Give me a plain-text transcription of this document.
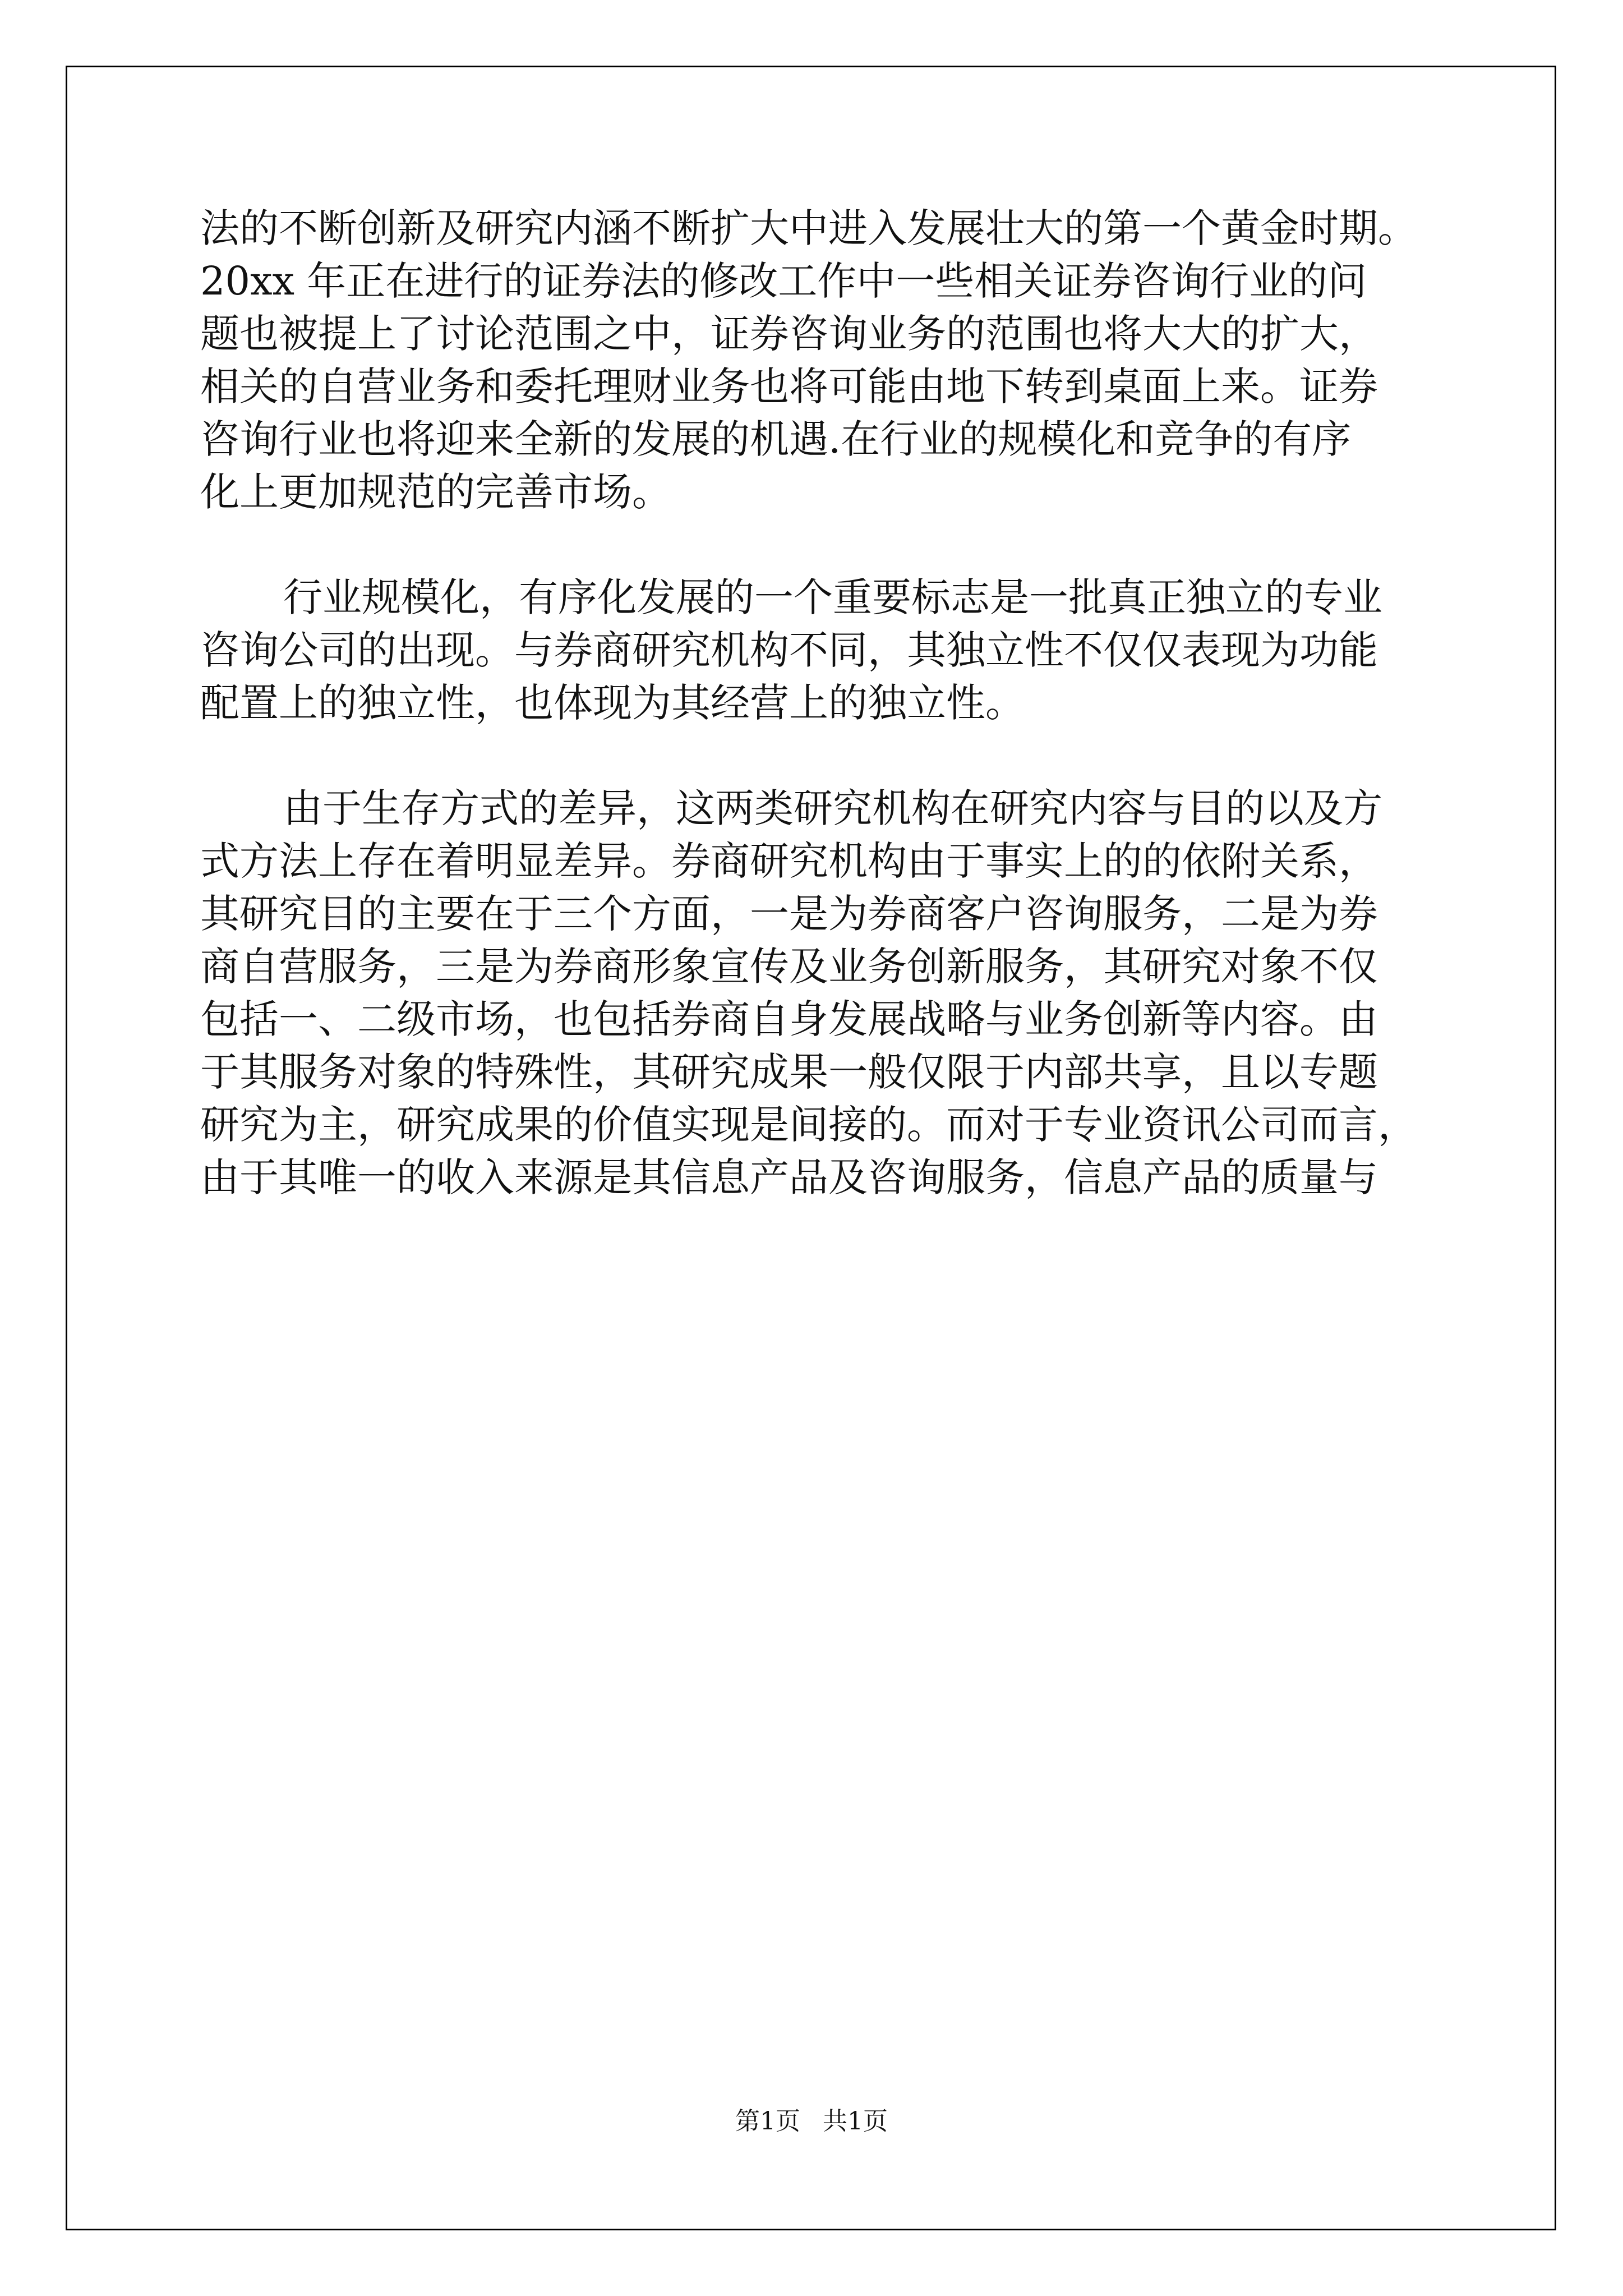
法的不断创新及研究内涵不断扩大中进入发展壮大的第一个黄金时期。
20xx 年正在进行的证券法的修改工作中一些相关证券咨询行业的问
题也被提上了讨论范围之中，证券咨询业务的范围也将大大的扩大，
相关的自营业务和委托理财业务也将可能由地下转到桌面上来。证券
咨询行业也将迎来全新的发展的机遇.在行业的规模化和竞争的有序
化上更加规范的完善市场。
行业规模化，有序化发展的一个重要标志是一批真正独立的专业
咨询公司的出现。与券商研究机构不同，其独立性不仅仅表现为功能
配置上的独立性，也体现为其经营上的独立性。
由于生存方式的差异，这两类研究机构在研究内容与目的以及方
式方法上存在着明显差异。券商研究机构由于事实上的的依附关系，
其研究目的主要在于三个方面，一是为券商客户咨询服务，二是为券
商自营服务，三是为券商形象宣传及业务创新服务，其研究对象不仅
包括一、二级市场，也包括券商自身发展战略与业务创新等内容。由
于其服务对象的特殊性，其研究成果一般仅限于内部共享，且以专题
研究为主，研究成果的价值实现是间接的。而对于专业资讯公司而言，
由于其唯一的收入来源是其信息产品及咨询服务，信息产品的质量与
第1页 共1页
